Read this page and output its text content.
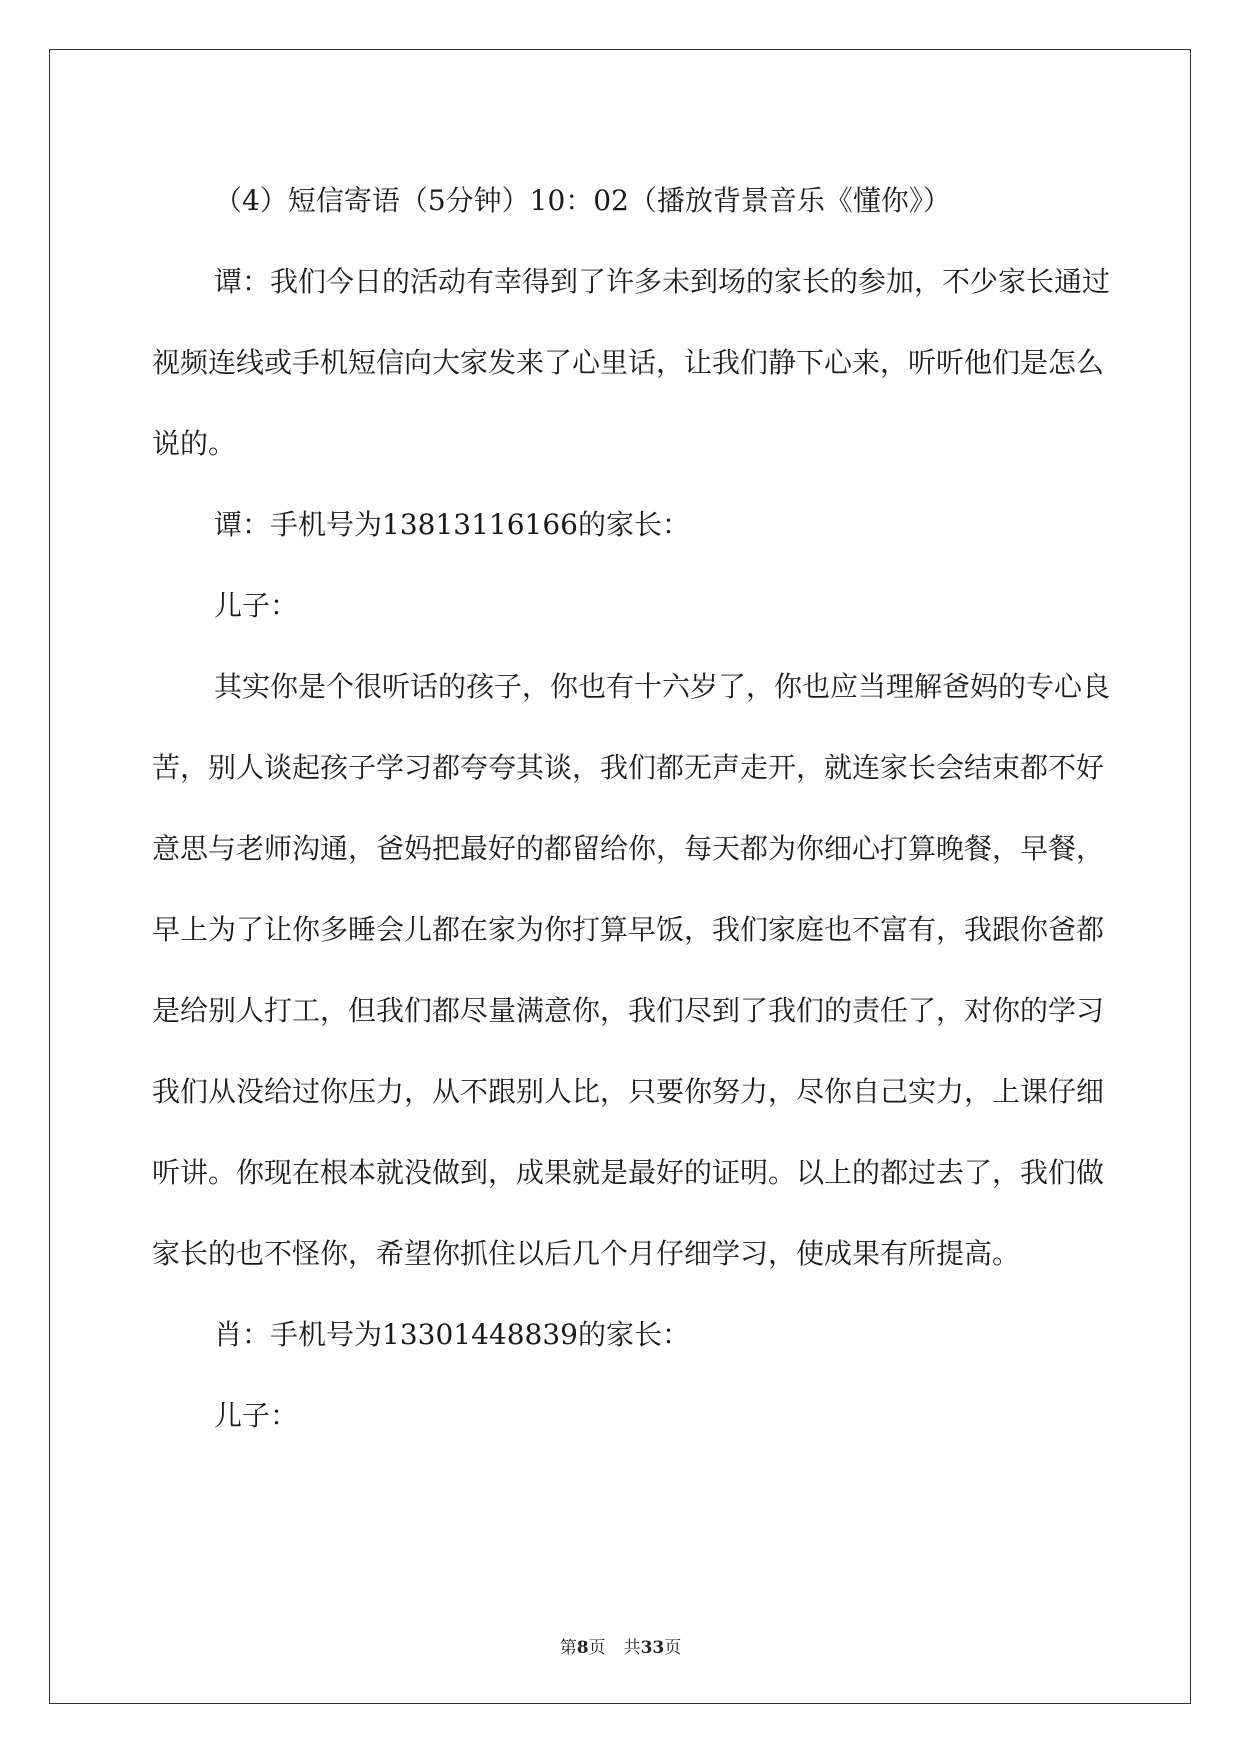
（4）短信寄语（5分钟）10：02（播放背景音乐《懂你》）

谭：我们今日的活动有幸得到了许多未到场的家长的参加，不少家长通过视频连线或手机短信向大家发来了心里话，让我们静下心来，听听他们是怎么说的。

谭：手机号为13813116166的家长：

儿子：

其实你是个很听话的孩子，你也有十六岁了，你也应当理解爸妈的专心良苦，别人谈起孩子学习都夸夸其谈，我们都无声走开，就连家长会结束都不好意思与老师沟通，爸妈把最好的都留给你，每天都为你细心打算晚餐，早餐，早上为了让你多睡会儿都在家为你打算早饭，我们家庭也不富有，我跟你爸都是给别人打工，但我们都尽量满意你，我们尽到了我们的责任了，对你的学习我们从没给过你压力，从不跟别人比，只要你努力，尽你自己实力，上课仔细听讲。你现在根本就没做到，成果就是最好的证明。以上的都过去了，我们做家长的也不怪你，希望你抓住以后几个月仔细学习，使成果有所提高。

肖：手机号为13301448839的家长：

儿子：

第8页 共33页
